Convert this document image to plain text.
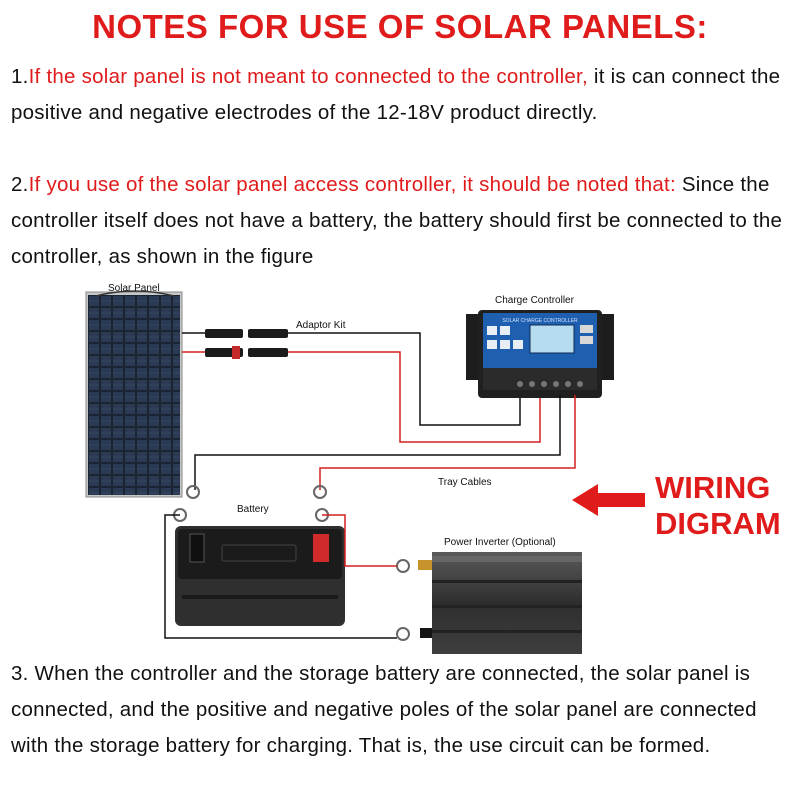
NOTES FOR USE OF SOLAR PANELS:
1.If the solar panel is not meant to connected to the controller, it is can connect the positive and negative electrodes of the 12-18V product directly.
2.If you use of the solar panel access controller, it should be noted that: Since the controller itself does not have a battery, the battery should first be connected to the controller, as shown in the figure
Solar Panel
Adaptor Kit
Charge Controller
SOLAR CHARGE CONTROLLER
Tray Cables
Battery
Power Inverter (Optional)
WIRING
DIGRAM
3. When the controller and the storage battery are connected, the solar panel is connected, and the positive and negative poles of the solar panel are connected with the storage battery for charging. That is, the use circuit can be formed.
